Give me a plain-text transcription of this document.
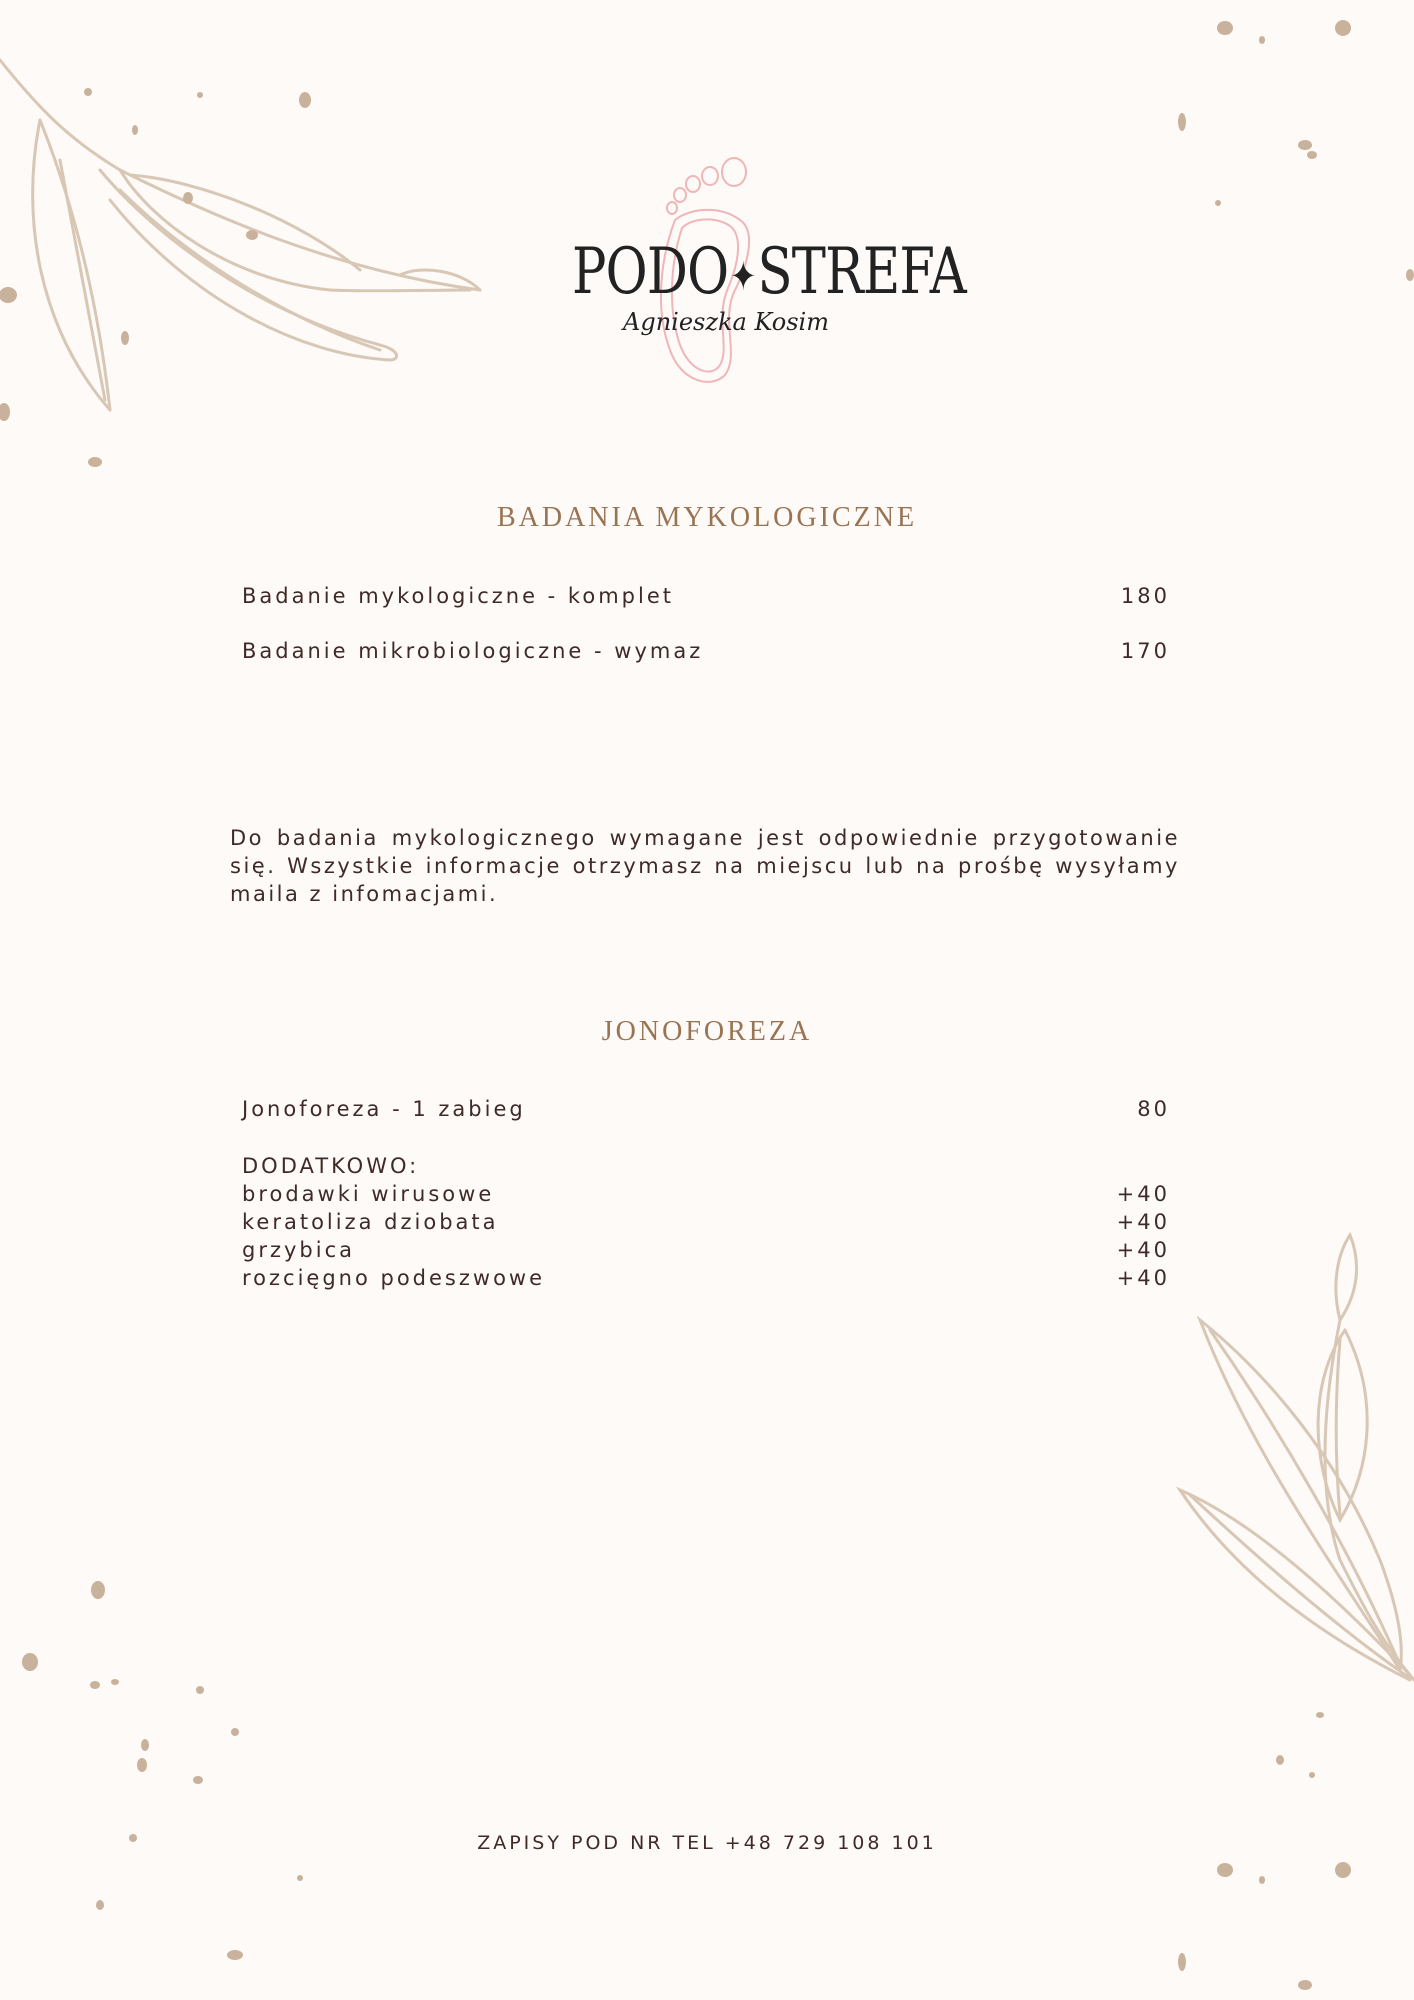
PODO✦STREFA
Agnieszka Kosim
BADANIA MYKOLOGICZNE
Badanie mykologiczne - komplet	180
Badanie mikrobiologiczne - wymaz	170
Do badania mykologicznego wymagane jest odpowiednie przygotowanie się. Wszystkie informacje otrzymasz na miejscu lub na prośbę wysyłamy maila z infomacjami.
JONOFOREZA
Jonoforeza - 1 zabieg	80
DODATKOWO:
brodawki wirusowe	+40
keratoliza dziobata	+40
grzybica	+40
rozcięgno podeszwowe	+40
ZAPISY POD NR TEL +48 729 108 101
